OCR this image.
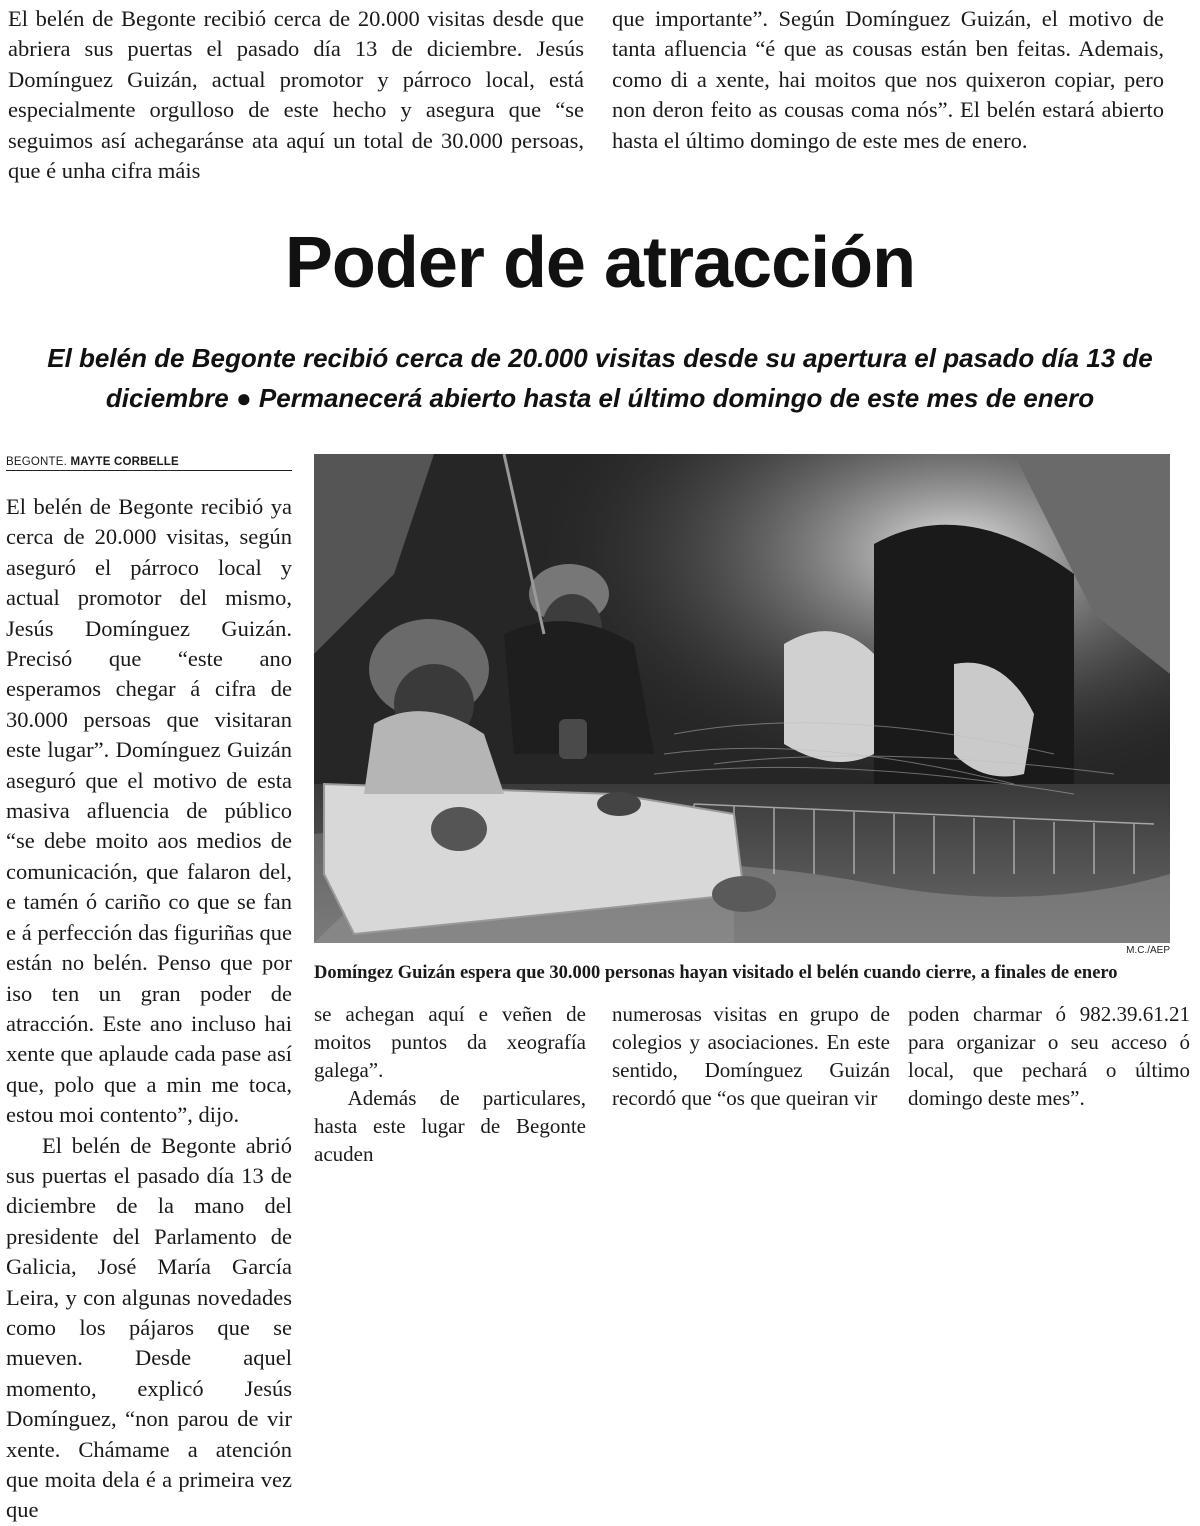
El belén de Begonte recibió cerca de 20.000 visitas desde que abriera sus puertas el pasado día 13 de diciembre. Jesús Domínguez Guizán, actual promotor y párroco local, está especialmente orgulloso de este hecho y asegura que “se seguimos así achegaránse ata aquí un total de 30.000 persoas, que é unha cifra máis

que importante”. Según Domínguez Guizán, el motivo de tanta afluencia “é que as cousas están ben feitas. Ademais, como di a xente, hai moitos que nos quixeron copiar, pero non deron feito as cousas coma nós”. El belén estará abierto hasta el último domingo de este mes de enero.

Poder de atracción

El belén de Begonte recibió cerca de 20.000 visitas desde su apertura el pasado día 13 de diciembre ● Permanecerá abierto hasta el último domingo de este mes de enero

BEGONTE. MAYTE CORBELLE

El belén de Begonte recibió ya cerca de 20.000 visitas, según aseguró el párroco local y actual promotor del mismo, Jesús Domínguez Guizán. Precisó que “este ano esperamos chegar á cifra de 30.000 persoas que visitaran este lugar”. Domínguez Guizán aseguró que el motivo de esta masiva afluencia de público “se debe moito aos medios de comunicación, que falaron del, e tamén ó cariño co que se fan e á perfección das figuriñas que están no belén. Penso que por iso ten un gran poder de atracción. Este ano incluso hai xente que aplaude cada pase así que, polo que a min me toca, estou moi contento”, dijo.

El belén de Begonte abrió sus puertas el pasado día 13 de diciembre de la mano del presidente del Parlamento de Galicia, José María García Leira, y con algunas novedades como los pájaros que se mueven. Desde aquel momento, explicó Jesús Domínguez, “non parou de vir xente. Chámame a atención que moita dela é a primeira vez que

M.C./AEP

Domíngez Guizán espera que 30.000 personas hayan visitado el belén cuando cierre, a finales de enero

se achegan aquí e veñen de moitos puntos da xeografía galega”.

Además de particulares, hasta este lugar de Begonte acuden

numerosas visitas en grupo de colegios y asociaciones. En este sentido, Domínguez Guizán recordó que “os que queiran vir

poden charmar ó 982.39.61.21 para organizar o seu acceso ó local, que pechará o último domingo deste mes”.
